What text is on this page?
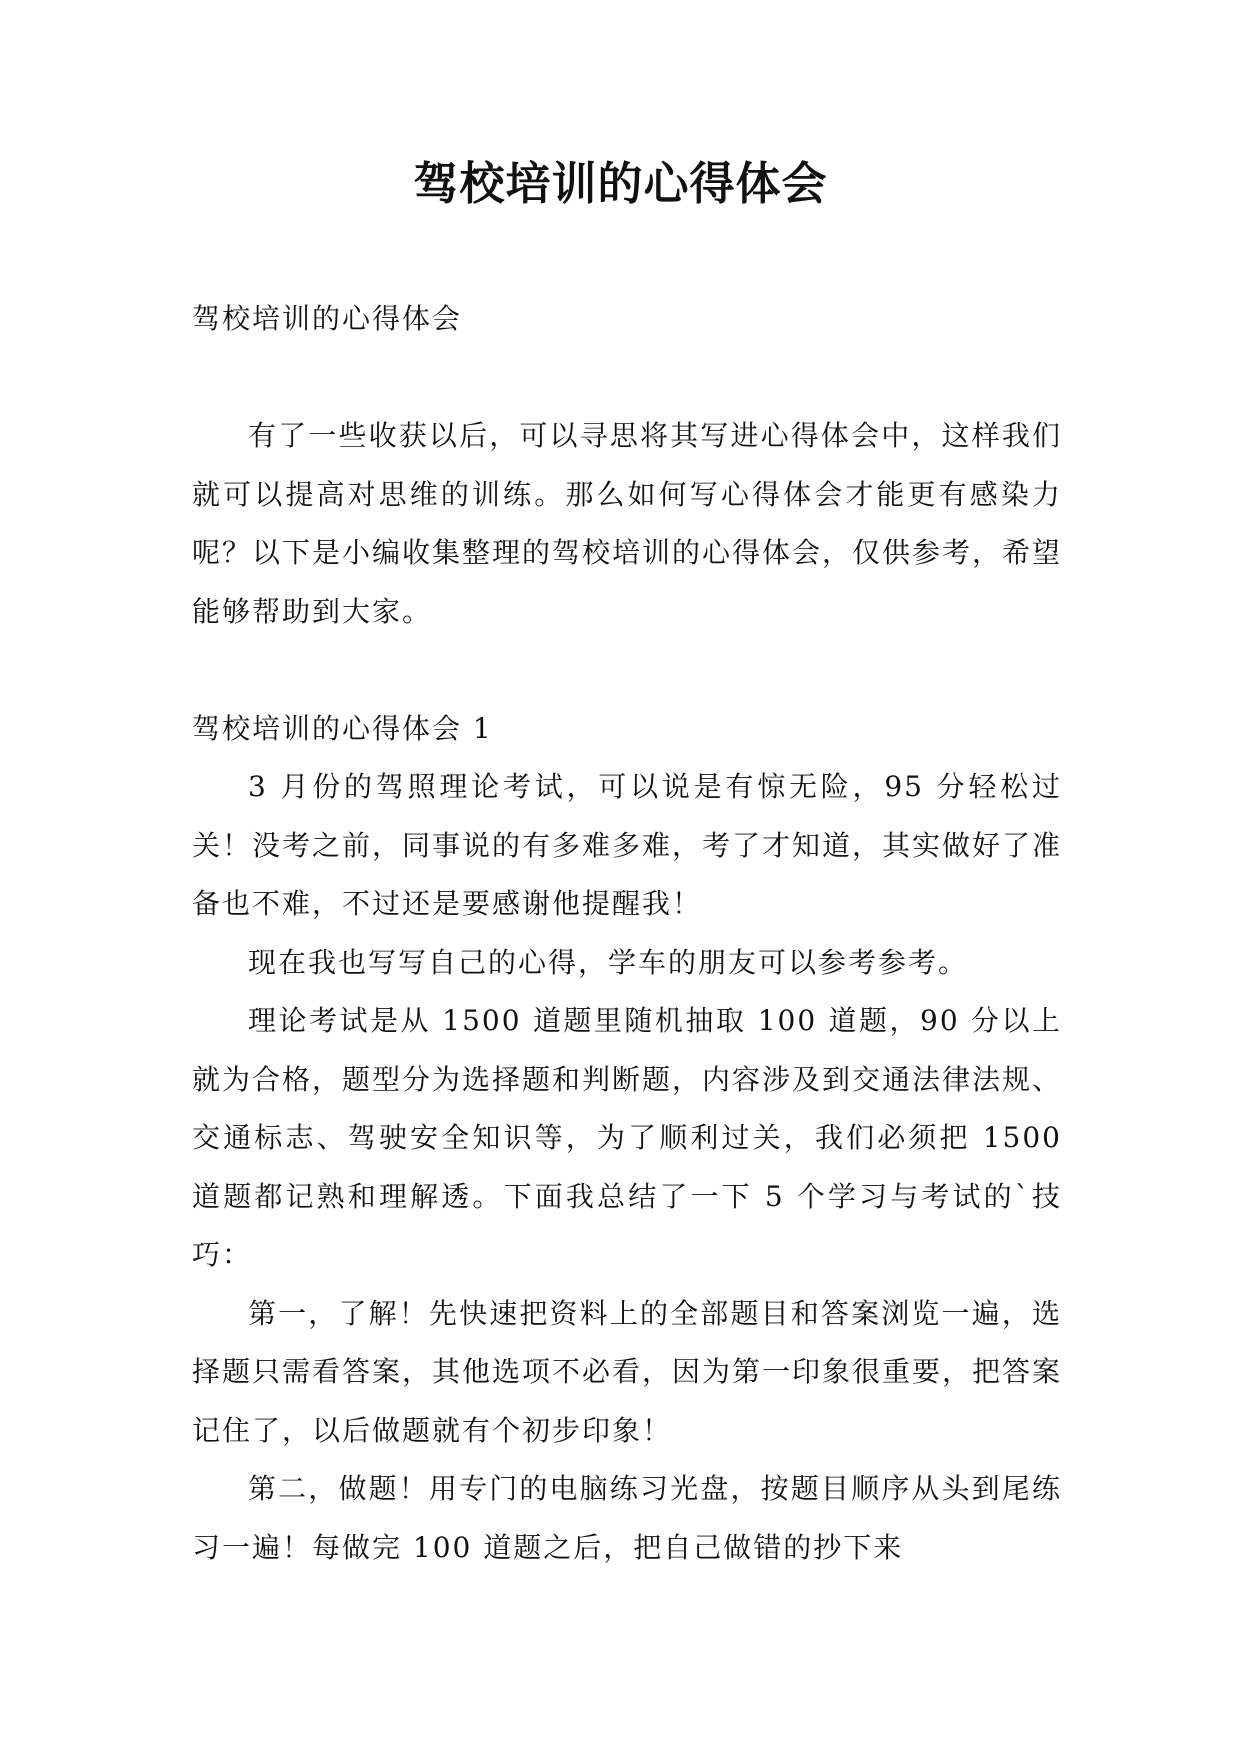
驾校培训的心得体会

驾校培训的心得体会

有了一些收获以后，可以寻思将其写进心得体会中，这样我们就可以提高对思维的训练。那么如何写心得体会才能更有感染力呢？以下是小编收集整理的驾校培训的心得体会，仅供参考，希望能够帮助到大家。

驾校培训的心得体会 1

3 月份的驾照理论考试，可以说是有惊无险，95 分轻松过关！没考之前，同事说的有多难多难，考了才知道，其实做好了准备也不难，不过还是要感谢他提醒我！

现在我也写写自己的心得，学车的朋友可以参考参考。

理论考试是从 1500 道题里随机抽取 100 道题，90 分以上就为合格，题型分为选择题和判断题，内容涉及到交通法律法规、交通标志、驾驶安全知识等，为了顺利过关，我们必须把 1500 道题都记熟和理解透。下面我总结了一下 5 个学习与考试的`技巧：

第一，了解！先快速把资料上的全部题目和答案浏览一遍，选择题只需看答案，其他选项不必看，因为第一印象很重要，把答案记住了，以后做题就有个初步印象！

第二，做题！用专门的电脑练习光盘，按题目顺序从头到尾练习一遍！每做完 100 道题之后，把自己做错的抄下来
